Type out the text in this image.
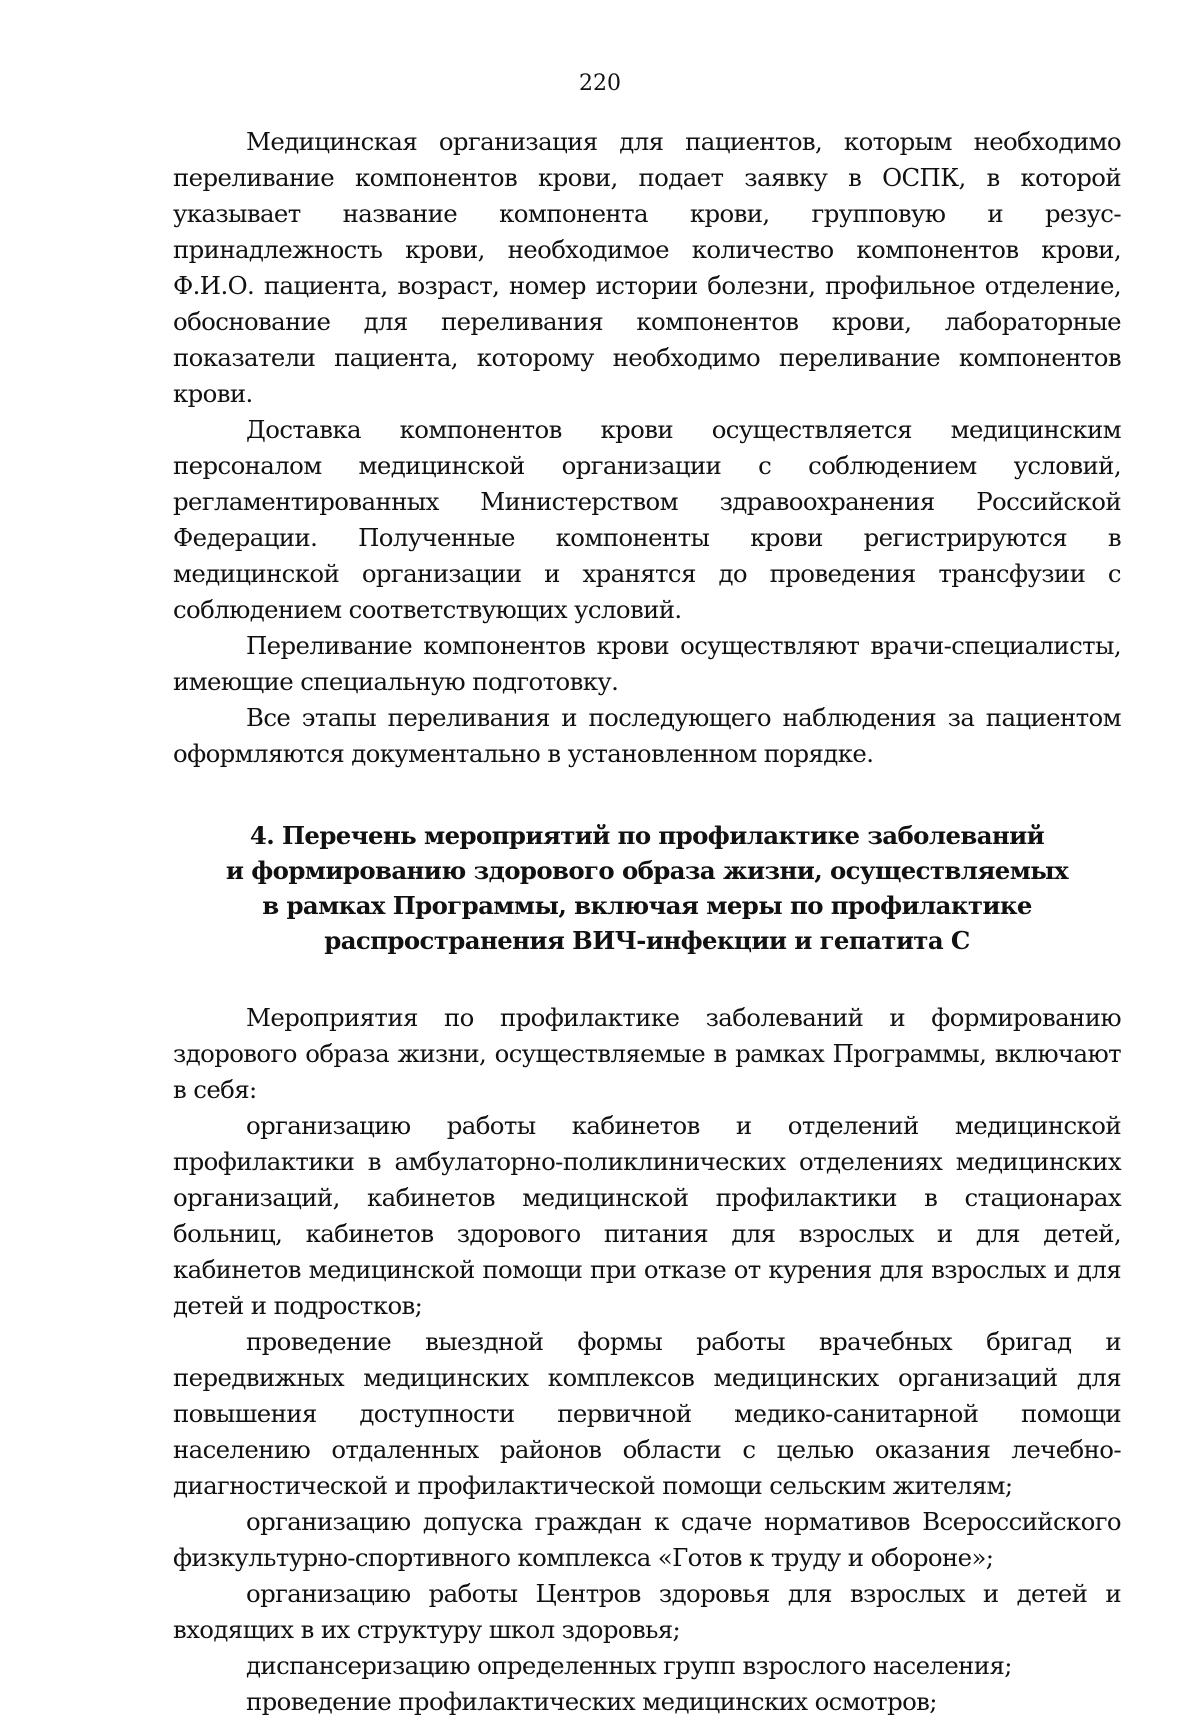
220

Медицинская организация для пациентов, которым необходимо переливание компонентов крови, подает заявку в ОСПК, в которой указывает название компонента крови, групповую и резус-принадлежность крови, необходимое количество компонентов крови, Ф.И.О. пациента, возраст, номер истории болезни, профильное отделение, обоснование для переливания компонентов крови, лабораторные показатели пациента, которому необходимо переливание компонентов крови.

Доставка компонентов крови осуществляется медицинским персоналом медицинской организации с соблюдением условий, регламентированных Министерством здравоохранения Российской Федерации. Полученные компоненты крови регистрируются в медицинской организации и хранятся до проведения трансфузии с соблюдением соответствующих условий.

Переливание компонентов крови осуществляют врачи-специалисты, имеющие специальную подготовку.

Все этапы переливания и последующего наблюдения за пациентом оформляются документально в установленном порядке.

4. Перечень мероприятий по профилактике заболеваний
и формированию здорового образа жизни, осуществляемых
в рамках Программы, включая меры по профилактике
распространения ВИЧ-инфекции и гепатита С

Мероприятия по профилактике заболеваний и формированию здорового образа жизни, осуществляемые в рамках Программы, включают в себя:

организацию работы кабинетов и отделений медицинской профилактики в амбулаторно-поликлинических отделениях медицинских организаций, кабинетов медицинской профилактики в стационарах больниц, кабинетов здорового питания для взрослых и для детей, кабинетов медицинской помощи при отказе от курения для взрослых и для детей и подростков;

проведение выездной формы работы врачебных бригад и передвижных медицинских комплексов медицинских организаций для повышения доступности первичной медико-санитарной помощи населению отдаленных районов области с целью оказания лечебно-диагностической и профилактической помощи сельским жителям;

организацию допуска граждан к сдаче нормативов Всероссийского физкультурно-спортивного комплекса «Готов к труду и обороне»;

организацию работы Центров здоровья для взрослых и детей и входящих в их структуру школ здоровья;

диспансеризацию определенных групп взрослого населения;

проведение профилактических медицинских осмотров;
